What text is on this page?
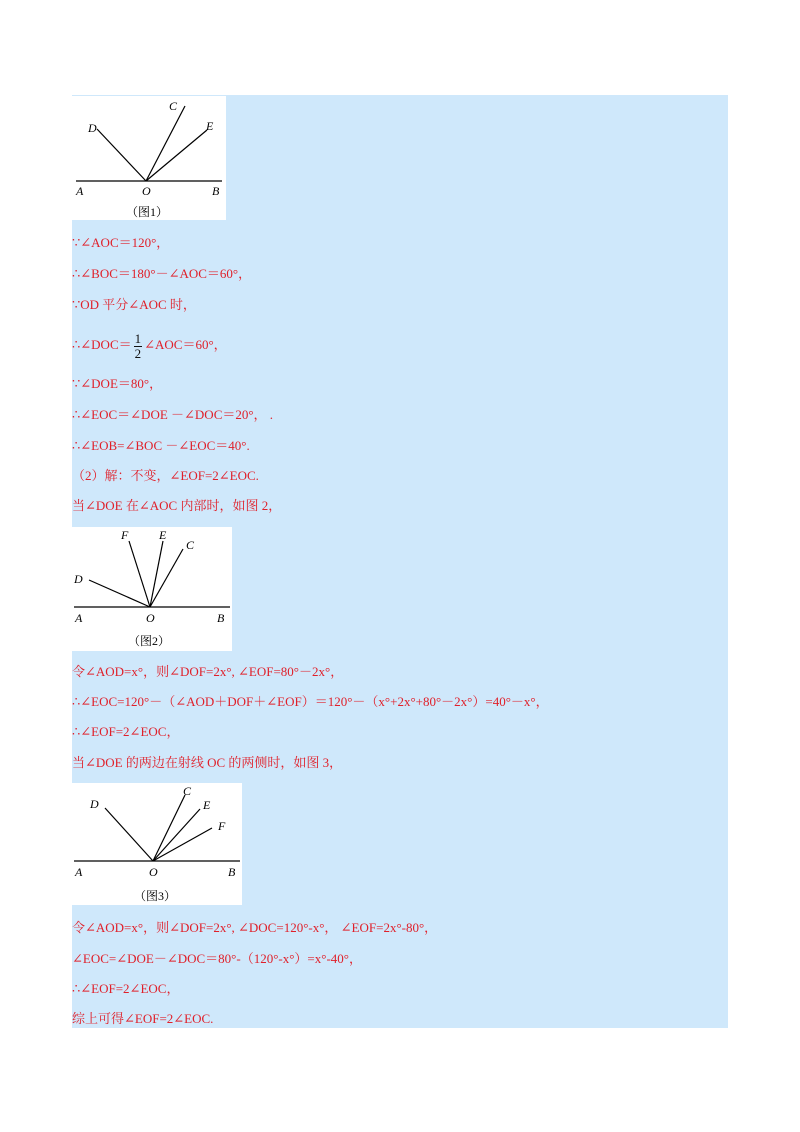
A	O	B
C
D	E
（图1）
∵∠AOC＝120°，
∴∠BOC＝180°－∠AOC＝60°，
∵OD 平分∠AOC 时，
∴∠DOC＝ $\frac{1}{2}$ ∠AOC＝60°，
∵∠DOE＝80°，
∴∠EOC＝∠DOE －∠DOC＝20°， .
∴∠EOB=∠BOC －∠EOC＝40°.
（2）解：不变，∠EOF=2∠EOC.
当∠DOE 在∠AOC 内部时，如图 2，
A	O	B
C
D
E
F
（图2）
令∠AOD=x°，则∠DOF=2x°, ∠EOF=80°－2x°，
∴∠EOC=120°－（∠AOD＋DOF＋∠EOF）＝120°－（x°+2x°+80°－2x°）=40°－x°，
∴∠EOF=2∠EOC，
当∠DOE 的两边在射线 OC 的两侧时，如图 3，
A	O	B
C
D	E
F
（图3）
令∠AOD=x°，则∠DOF=2x°, ∠DOC=120°-x°， ∠EOF=2x°-80°，
∠EOC=∠DOE－∠DOC＝80°-（120°-x°）=x°-40°，
∴∠EOF=2∠EOC，
综上可得∠EOF=2∠EOC.
